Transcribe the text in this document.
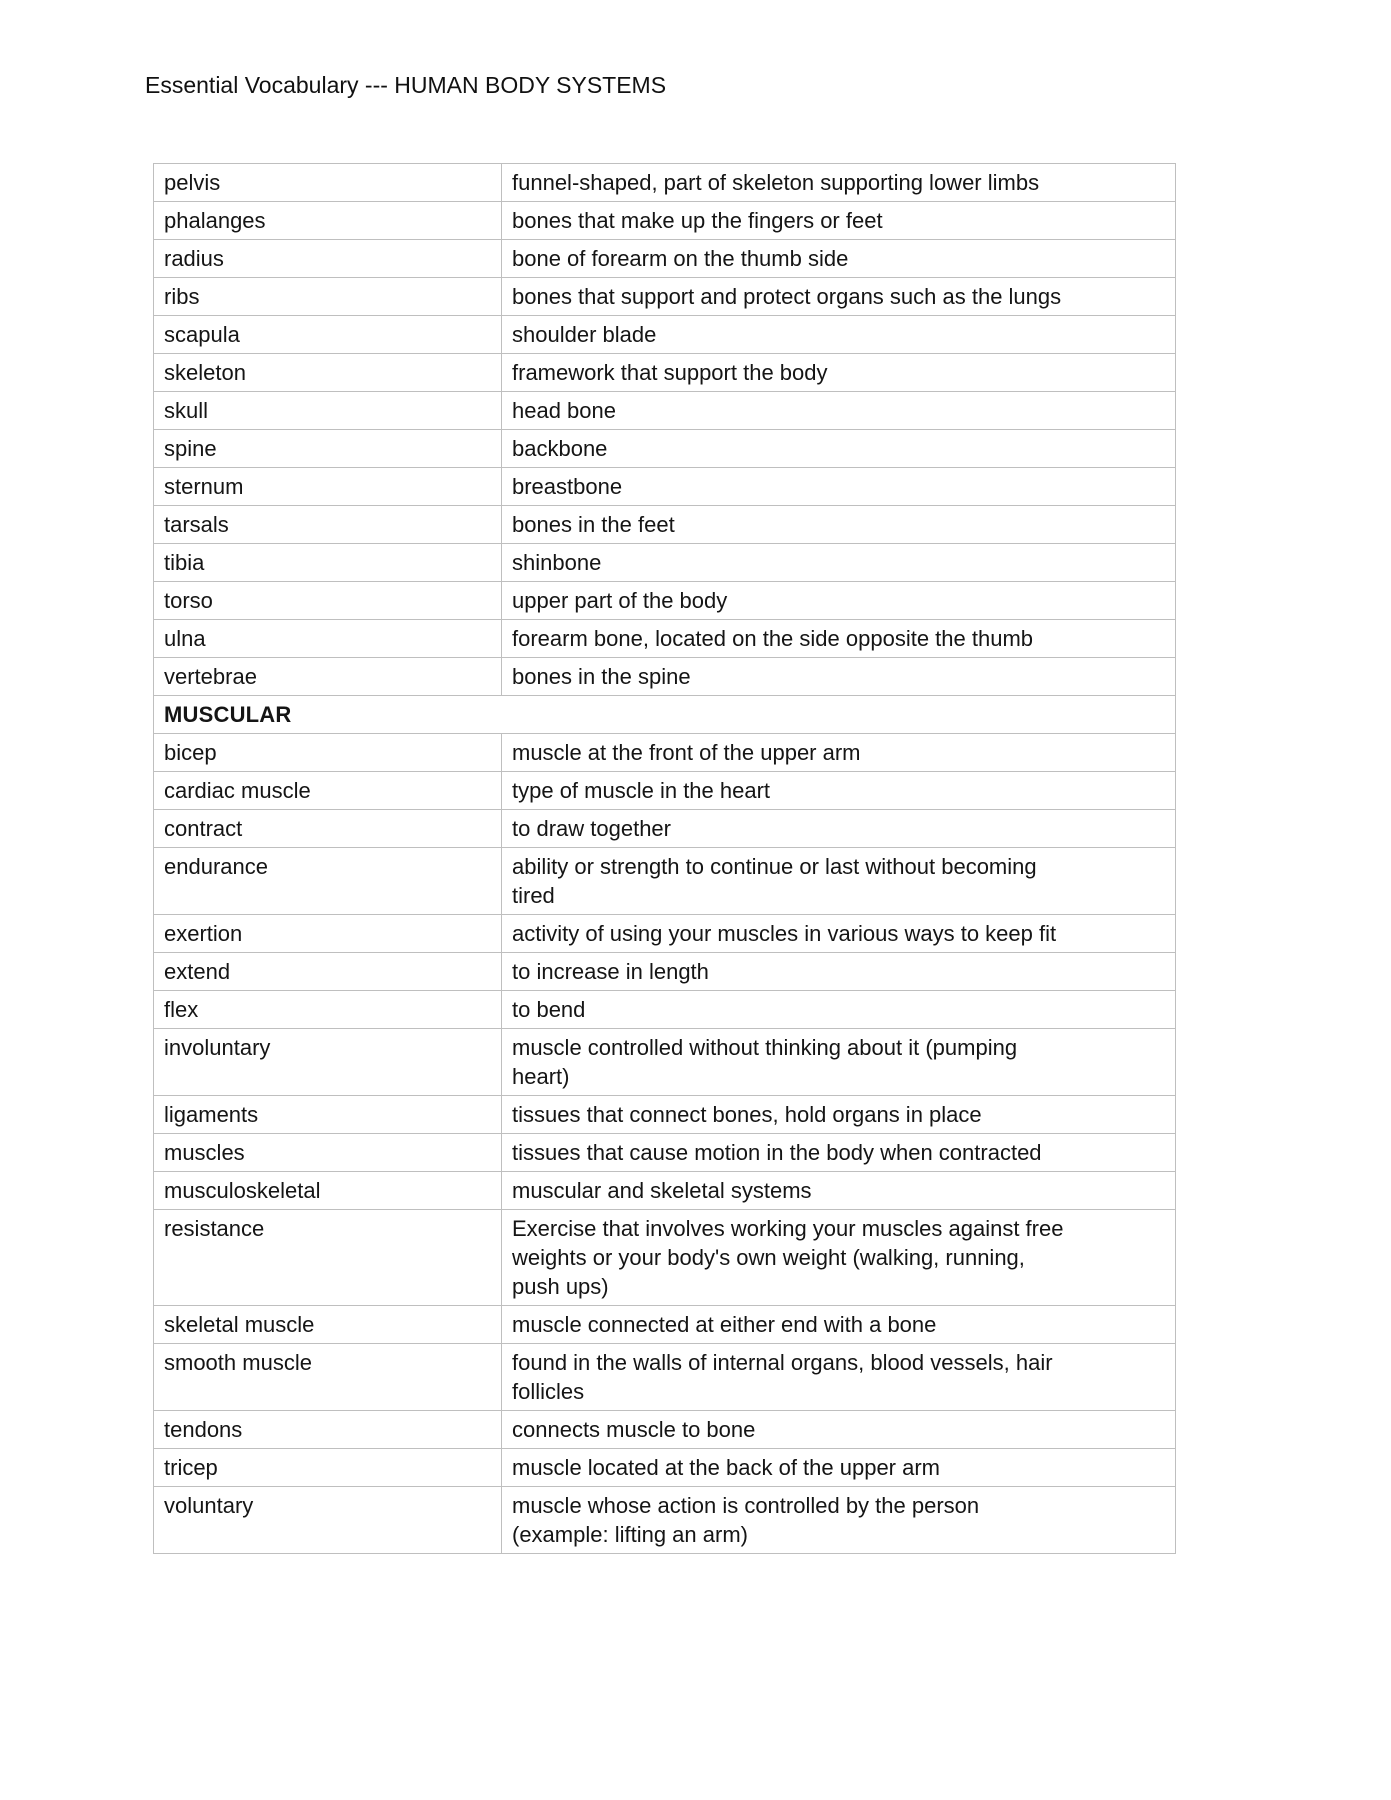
Essential Vocabulary --- HUMAN BODY SYSTEMS
pelvis	funnel-shaped, part of skeleton supporting lower limbs

phalanges	bones that make up the fingers or feet

radius	bone of forearm on the thumb side

ribs	bones that support and protect organs such as the lungs

scapula	shoulder blade

skeleton	framework that support the body

skull	head bone

spine	backbone

sternum	breastbone

tarsals	bones in the feet

tibia	shinbone

torso	upper part of the body

ulna	forearm bone, located on the side opposite the thumb

vertebrae	bones in the spine

MUSCULAR	
bicep	muscle at the front of the upper arm

cardiac muscle	type of muscle in the heart

contract	to draw together

endurance	ability or strength to continue or last without becoming
tired

exertion	activity of using your muscles in various ways to keep fit

extend	to increase in length

flex	to bend

involuntary	muscle controlled without thinking about it (pumping
heart)

ligaments	tissues that connect bones, hold organs in place

muscles	tissues that cause motion in the body when contracted

musculoskeletal	muscular and skeletal systems

resistance	Exercise that involves working your muscles against free
weights or your body's own weight (walking, running,
push ups)

skeletal muscle	muscle connected at either end with a bone

smooth muscle	found in the walls of internal organs, blood vessels, hair
follicles

tendons	connects muscle to bone

tricep	muscle located at the back of the upper arm

voluntary	muscle whose action is controlled by the person
(example: lifting an arm)
